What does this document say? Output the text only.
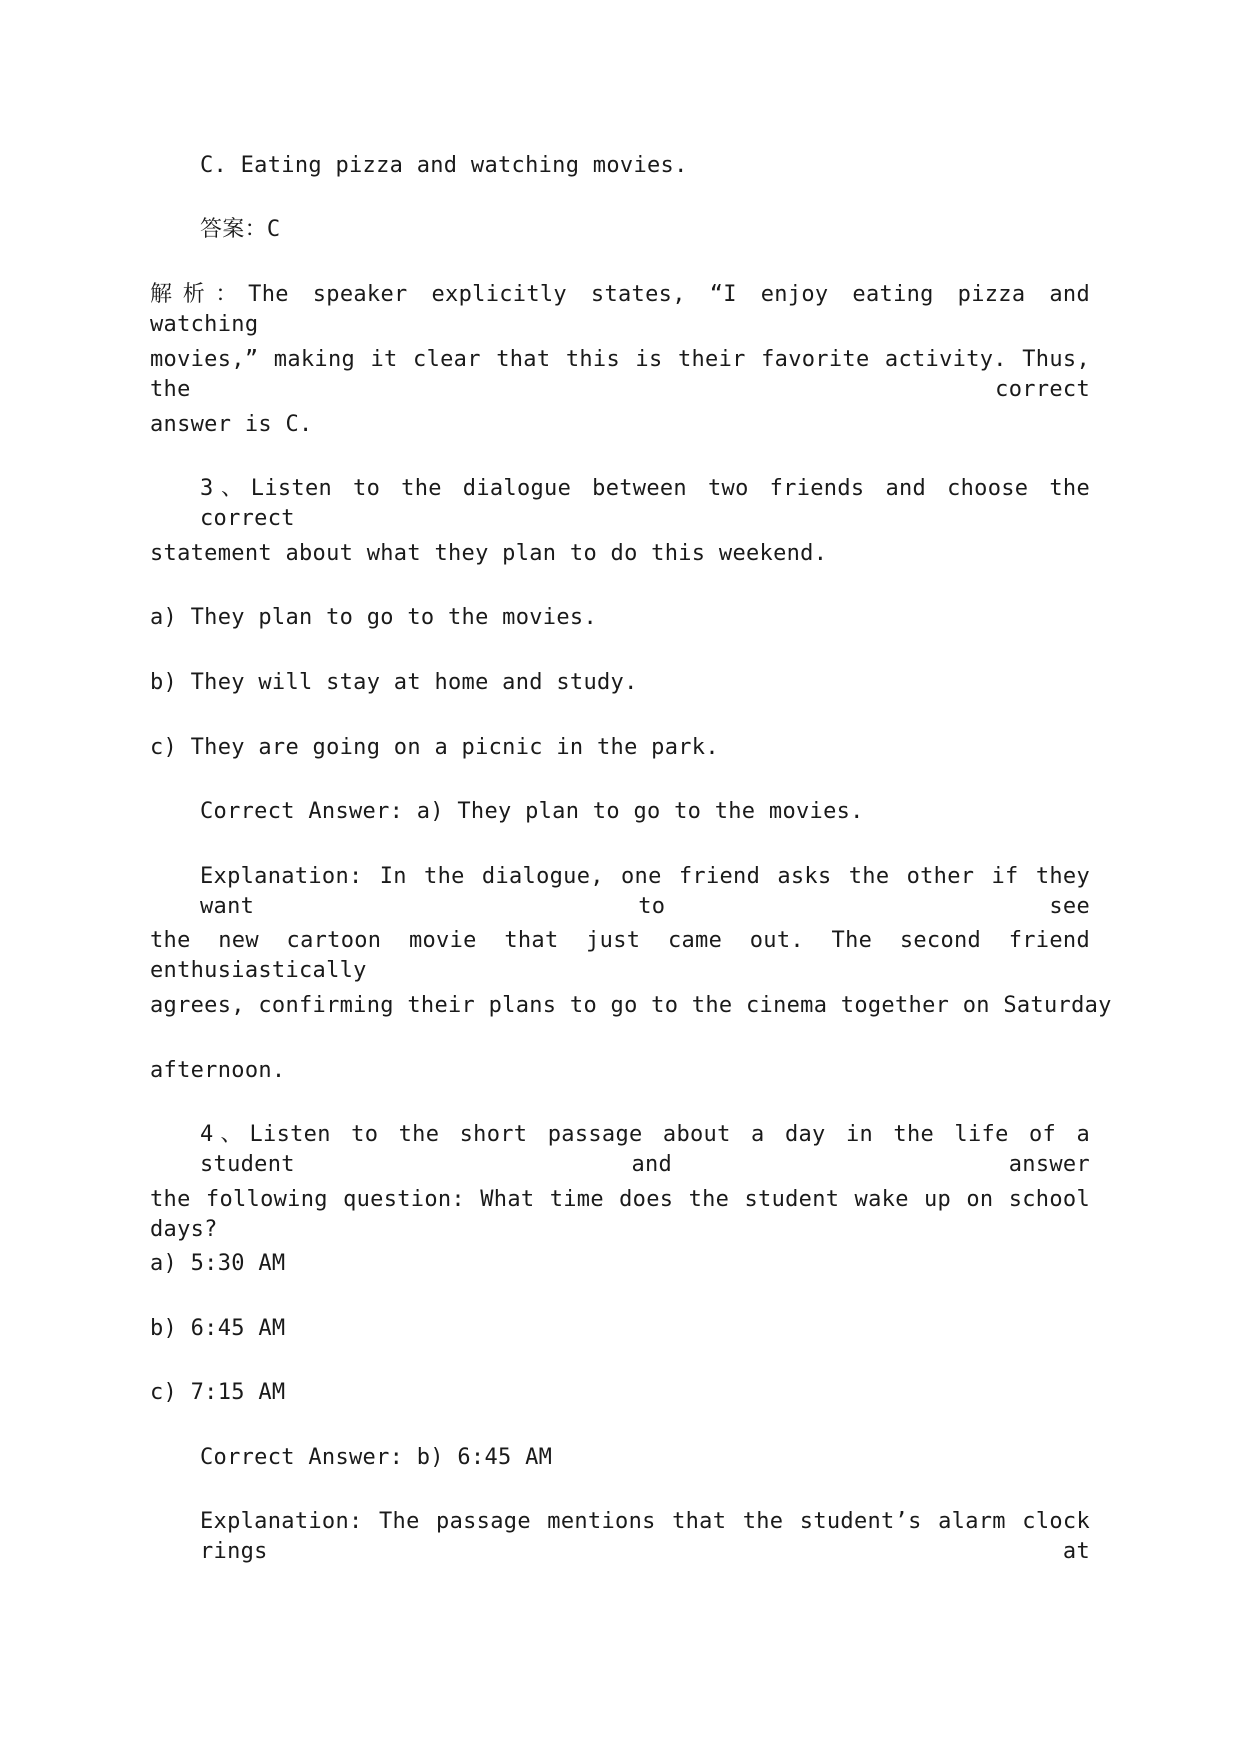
C. Eating pizza and watching movies.
答案：C
解析：The speaker explicitly states, “I enjoy eating pizza and watching
movies,” making it clear that this is their favorite activity. Thus, the correct
answer is C.
3、Listen to the dialogue between two friends and choose the correct
statement about what they plan to do this weekend.
a) They plan to go to the movies.
b) They will stay at home and study.
c) They are going on a picnic in the park.
Correct Answer: a) They plan to go to the movies.
Explanation: In the dialogue, one friend asks the other if they want to see
the new cartoon movie that just came out. The second friend enthusiastically
agrees, confirming their plans to go to the cinema together on Saturday
afternoon.
4、Listen to the short passage about a day in the life of a student and answer
the following question: What time does the student wake up on school days?
a) 5:30 AM
b) 6:45 AM
c) 7:15 AM
Correct Answer: b) 6:45 AM
Explanation: The passage mentions that the student’s alarm clock rings at
